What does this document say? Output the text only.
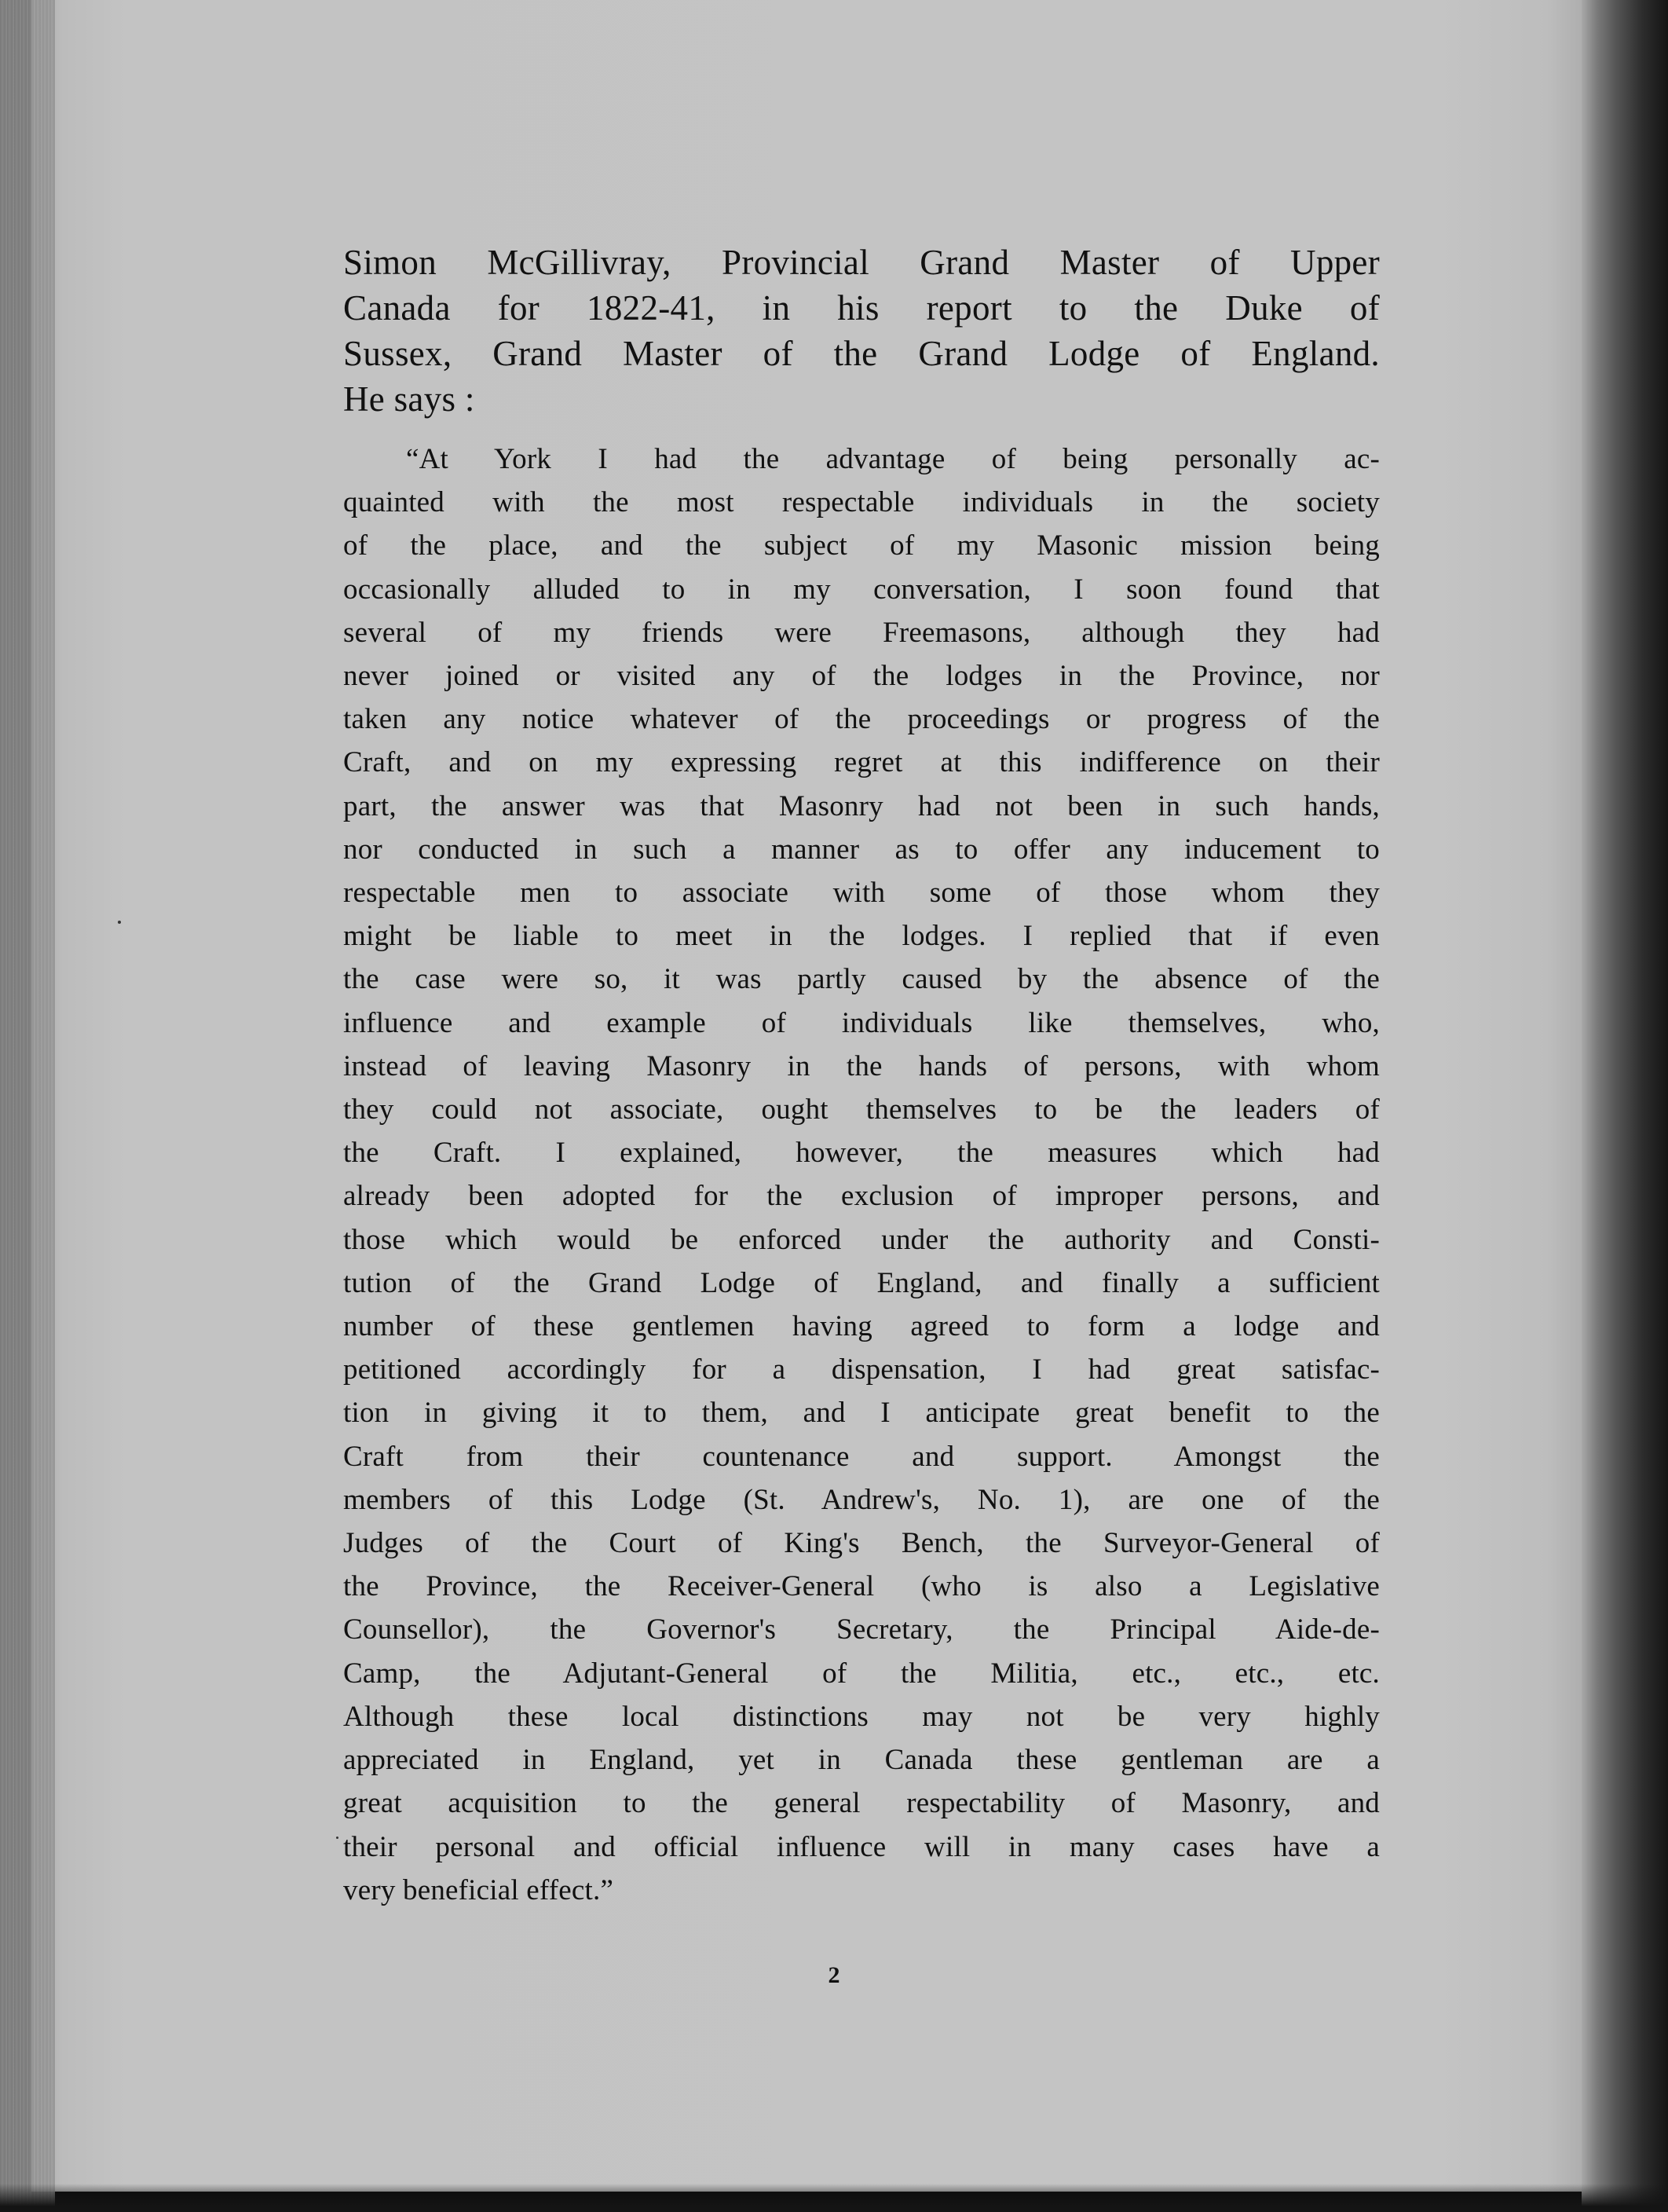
Simon McGillivray, Provincial Grand Master of Upper
Canada for 1822-41, in his report to the Duke of
Sussex, Grand Master of the Grand Lodge of England.
He says :

“At York I had the advantage of being personally ac-
quainted with the most respectable individuals in the society
of the place, and the subject of my Masonic mission being
occasionally alluded to in my conversation, I soon found that
several of my friends were Freemasons, although they had
never joined or visited any of the lodges in the Province, nor
taken any notice whatever of the proceedings or progress of the
Craft, and on my expressing regret at this indifference on their
part, the answer was that Masonry had not been in such hands,
nor conducted in such a manner as to offer any inducement to
respectable men to associate with some of those whom they
might be liable to meet in the lodges. I replied that if even
the case were so, it was partly caused by the absence of the
influence and example of individuals like themselves, who,
instead of leaving Masonry in the hands of persons, with whom
they could not associate, ought themselves to be the leaders of
the Craft. I explained, however, the measures which had
already been adopted for the exclusion of improper persons, and
those which would be enforced under the authority and Consti-
tution of the Grand Lodge of England, and finally a sufficient
number of these gentlemen having agreed to form a lodge and
petitioned accordingly for a dispensation, I had great satisfac-
tion in giving it to them, and I anticipate great benefit to the
Craft from their countenance and support. Amongst the
members of this Lodge (St. Andrew's, No. 1), are one of the
Judges of the Court of King's Bench, the Surveyor-General of
the Province, the Receiver-General (who is also a Legislative
Counsellor), the Governor's Secretary, the Principal Aide-de-
Camp, the Adjutant-General of the Militia, etc., etc., etc.
Although these local distinctions may not be very highly
appreciated in England, yet in Canada these gentleman are a
great acquisition to the general respectability of Masonry, and
their personal and official influence will in many cases have a
very beneficial effect.”

2
